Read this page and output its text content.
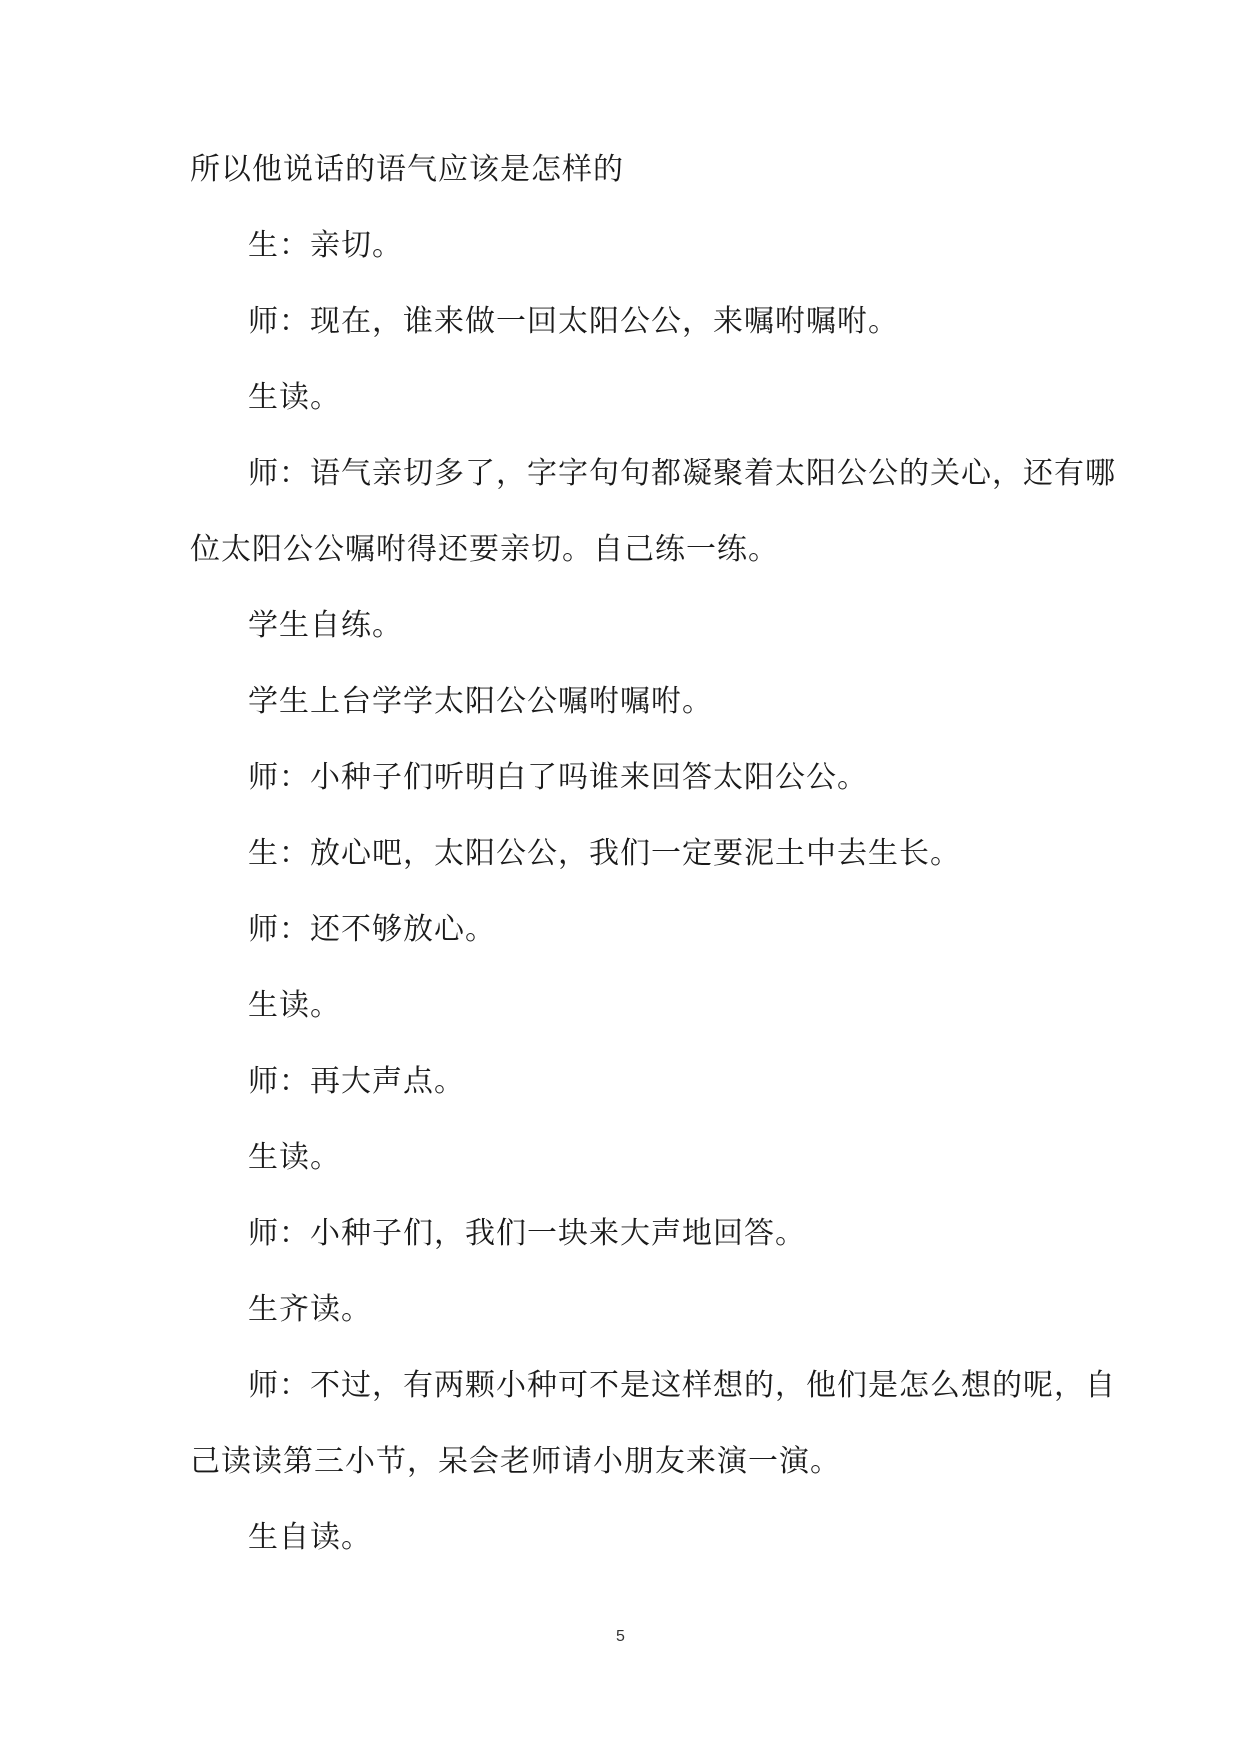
所以他说话的语气应该是怎样的
生：亲切。
师：现在，谁来做一回太阳公公，来嘱咐嘱咐。
生读。
师：语气亲切多了，字字句句都凝聚着太阳公公的关心，还有哪
位太阳公公嘱咐得还要亲切。自己练一练。
学生自练。
学生上台学学太阳公公嘱咐嘱咐。
师：小种子们听明白了吗谁来回答太阳公公。
生：放心吧，太阳公公，我们一定要泥土中去生长。
师：还不够放心。
生读。
师：再大声点。
生读。
师：小种子们，我们一块来大声地回答。
生齐读。
师：不过，有两颗小种可不是这样想的，他们是怎么想的呢，自
己读读第三小节，呆会老师请小朋友来演一演。
生自读。
5
